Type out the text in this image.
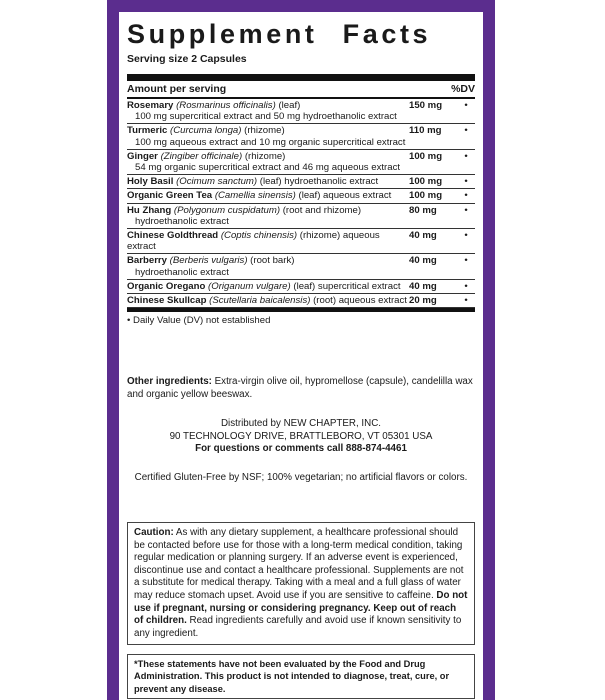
Supplement Facts
Serving size 2 Capsules
Amount per serving	%DV
Rosemary (Rosmarinus officinalis) (leaf)
100 mg supercritical extract and 50 mg hydroethanolic extract
150 mg	•
Turmeric (Curcuma longa) (rhizome)
100 mg aqueous extract and 10 mg organic supercritical extract
110 mg	•
Ginger (Zingiber officinale) (rhizome)
54 mg organic supercritical extract and 46 mg aqueous extract
100 mg	•
Holy Basil (Ocimum sanctum) (leaf) hydroethanolic extract	100 mg	•
Organic Green Tea (Camellia sinensis) (leaf) aqueous extract	100 mg	•
Hu Zhang (Polygonum cuspidatum) (root and rhizome)
hydroethanolic extract
80 mg	•
Chinese Goldthread (Coptis chinensis) (rhizome) aqueous extract
40 mg	•
Barberry (Berberis vulgaris) (root bark)
hydroethanolic extract
40 mg	•
Organic Oregano (Origanum vulgare) (leaf) supercritical extract 40 mg	•
Chinese Skullcap (Scutellaria baicalensis) (root) aqueous extract 20 mg	•
• Daily Value (DV) not established
Other ingredients: Extra-virgin olive oil, hypromellose (capsule), candelilla wax and organic yellow beeswax.
Distributed by NEW CHAPTER, INC.
90 TECHNOLOGY DRIVE, BRATTLEBORO, VT 05301 USA
For questions or comments call 888-874-4461
Certified Gluten-Free by NSF; 100% vegetarian; no artificial flavors or colors.
Caution: As with any dietary supplement, a healthcare professional should be contacted before use for those with a long-term medical condition, taking regular medication or planning surgery. If an adverse event is experienced, discontinue use and contact a healthcare professional. Supplements are not a substitute for medical therapy. Taking with a meal and a full glass of water may reduce stomach upset. Avoid use if you are sensitive to caffeine. Do not use if pregnant, nursing or considering pregnancy. Keep out of reach of children. Read ingredients carefully and avoid use if known sensitivity to any ingredient.
*These statements have not been evaluated by the Food and Drug Administration. This product is not intended to diagnose, treat, cure, or prevent any disease.
